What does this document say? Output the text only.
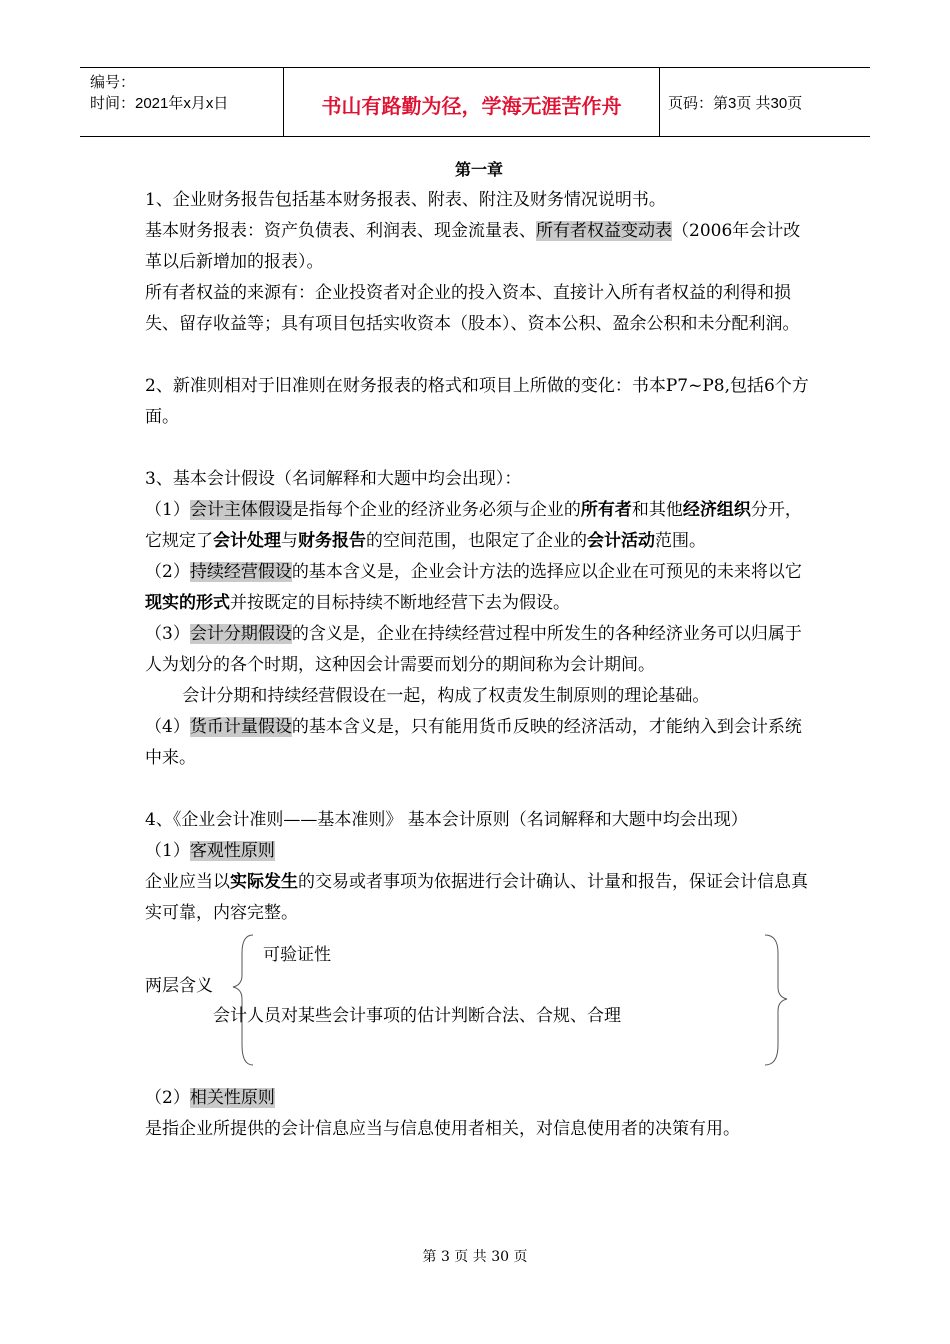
编号：
时间：2021年x月x日	书山有路勤为径，学海无涯苦作舟	页码：第3页 共30页

第一章

1、企业财务报告包括基本财务报表、附表、附注及财务情况说明书。

基本财务报表：资产负债表、利润表、现金流量表、所有者权益变动表（2006年会计改革以后新增加的报表）。

所有者权益的来源有：企业投资者对企业的投入资本、直接计入所有者权益的利得和损失、留存收益等；具有项目包括实收资本（股本）、资本公积、盈余公积和未分配利润。

2、新准则相对于旧准则在财务报表的格式和项目上所做的变化：书本P7~P8,包括6个方面。

3、基本会计假设（名词解释和大题中均会出现）：

（1）会计主体假设是指每个企业的经济业务必须与企业的所有者和其他经济组织分开，它规定了会计处理与财务报告的空间范围，也限定了企业的会计活动范围。

（2）持续经营假设的基本含义是，企业会计方法的选择应以企业在可预见的未来将以它现实的形式并按既定的目标持续不断地经营下去为假设。

（3）会计分期假设的含义是，企业在持续经营过程中所发生的各种经济业务可以归属于人为划分的各个时期，这种因会计需要而划分的期间称为会计期间。

会计分期和持续经营假设在一起，构成了权责发生制原则的理论基础。

（4）货币计量假设的基本含义是，只有能用货币反映的经济活动，才能纳入到会计系统中来。

4、《企业会计准则——基本准则》 基本会计原则（名词解释和大题中均会出现）

（1）客观性原则

企业应当以实际发生的交易或者事项为依据进行会计确认、计量和报告，保证会计信息真实可靠，内容完整。

两层含义
可验证性
会计人员对某些会计事项的估计判断合法、合规、合理

（2）相关性原则

是指企业所提供的会计信息应当与信息使用者相关，对信息使用者的决策有用。

第 3 页 共 30 页
